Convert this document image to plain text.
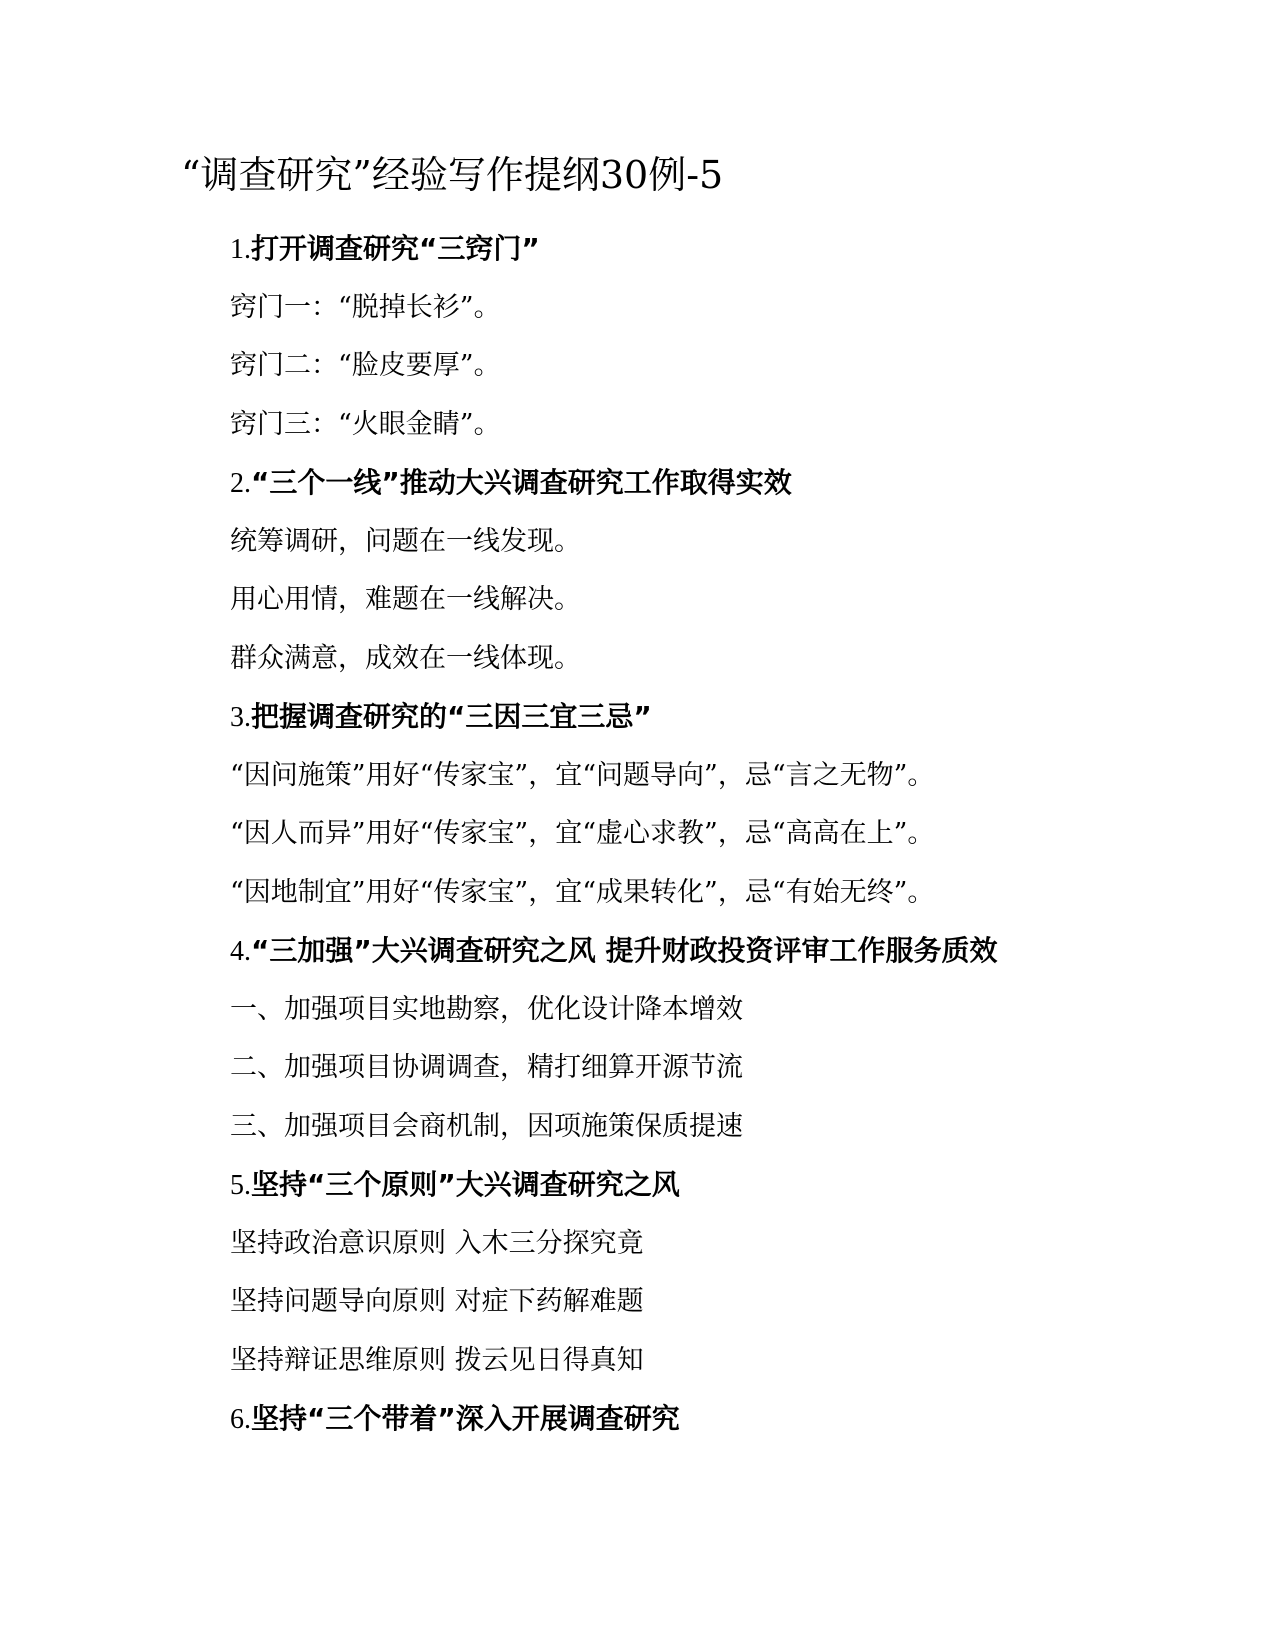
“调查研究”经验写作提纲30例-5
1.打开调查研究“三窍门”
窍门一：“脱掉长衫”。
窍门二：“脸皮要厚”。
窍门三：“火眼金睛”。
2.“三个一线”推动大兴调查研究工作取得实效
统筹调研，问题在一线发现。
用心用情，难题在一线解决。
群众满意，成效在一线体现。
3.把握调查研究的“三因三宜三忌”
“因问施策”用好“传家宝”，宜“问题导向”，忌“言之无物”。
“因人而异”用好“传家宝”，宜“虚心求教”，忌“高高在上”。
“因地制宜”用好“传家宝”，宜“成果转化”，忌“有始无终”。
4.“三加强”大兴调查研究之风 提升财政投资评审工作服务质效
一、加强项目实地勘察，优化设计降本增效
二、加强项目协调调查，精打细算开源节流
三、加强项目会商机制，因项施策保质提速
5.坚持“三个原则”大兴调查研究之风
坚持政治意识原则 入木三分探究竟
坚持问题导向原则 对症下药解难题
坚持辩证思维原则 拨云见日得真知
6.坚持“三个带着”深入开展调查研究
